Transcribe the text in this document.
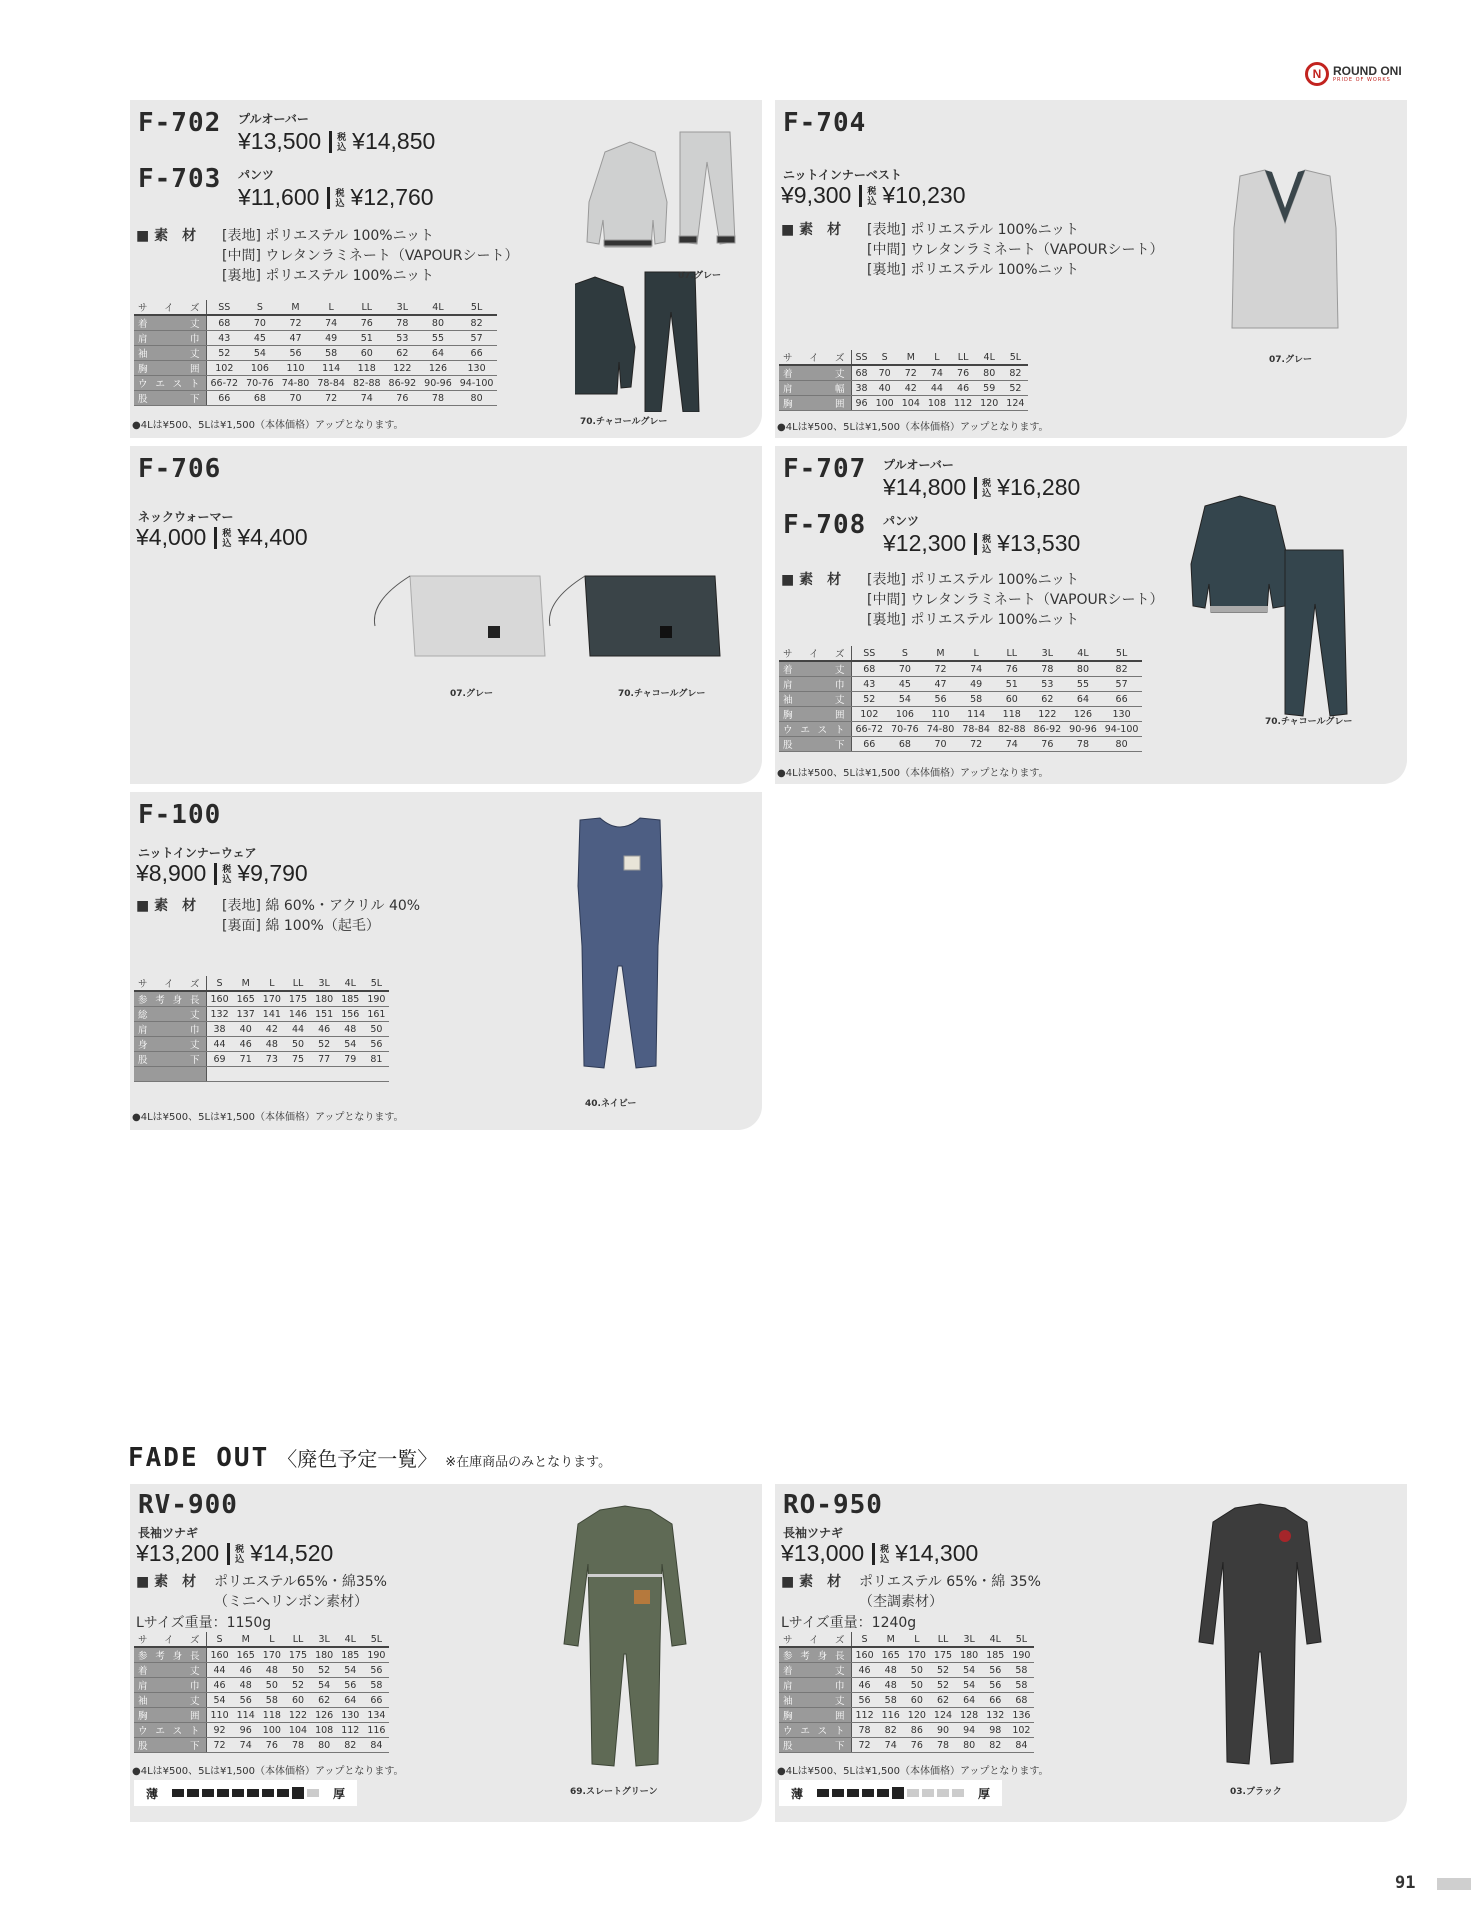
N ROUND ONI
PRIDE OF WORKS
F-702 プルオーバー
¥13,500 税
込 ¥14,850
F-703 パンツ
¥11,600 税
込 ¥12,760
■ 素　材 [表地] ポリエステル 100%ニット
[中間] ウレタンラミネート（VAPOURシート）
[裏地] ポリエステル 100%ニット
サ イ ズ	SS	S	M	L	LL	3L	4L	5L
着　丈	68	70	72	74	76	78	80	82
肩　巾	43	45	47	49	51	53	55	57
袖　丈	52	54	56	58	60	62	64	66
胸　囲	102	106	110	114	118	122	126	130
ウ エ ス ト	66-72	70-76	74-80	78-84	82-88	86-92	90-96	94-100
股　下	66	68	70	72	74	76	78	80
●4Lは¥500、5Lは¥1,500（本体価格）アップとなります。
07.グレー
70.チャコールグレー
F-704
ニットインナーベスト
¥9,300 税
込 ¥10,230
■ 素　材 [表地] ポリエステル 100%ニット
[中間] ウレタンラミネート（VAPOURシート）
[裏地] ポリエステル 100%ニット
サ イ ズ	SS	S	M	L	LL	4L	5L
着　丈	68	70	72	74	76	80	82
肩　幅	38	40	42	44	46	59	52
胸　囲	96	100	104	108	112	120	124
●4Lは¥500、5Lは¥1,500（本体価格）アップとなります。
07.グレー
F-706
ネックウォーマー
¥4,000 税
込 ¥4,400
07.グレー	70.チャコールグレー
F-707 プルオーバー
¥14,800 税
込 ¥16,280
F-708 パンツ
¥12,300 税
込 ¥13,530
■ 素　材 [表地] ポリエステル 100%ニット
[中間] ウレタンラミネート（VAPOURシート）
[裏地] ポリエステル 100%ニット
サ イ ズ	SS	S	M	L	LL	3L	4L	5L
着　丈	68	70	72	74	76	78	80	82
肩　巾	43	45	47	49	51	53	55	57
袖　丈	52	54	56	58	60	62	64	66
胸　囲	102	106	110	114	118	122	126	130
ウ エ ス ト	66-72	70-76	74-80	78-84	82-88	86-92	90-96	94-100
股　下	66	68	70	72	74	76	78	80
●4Lは¥500、5Lは¥1,500（本体価格）アップとなります。
70.チャコールグレー
F-100
ニットインナーウェア
¥8,900 税
込 ¥9,790
■ 素　材 [表地] 綿 60%・アクリル 40%
[裏面] 綿 100%（起毛）
サ イ ズ	S	M	L	LL	3L	4L	5L
参考身長	160	165	170	175	180	185	190
総　丈	132	137	141	146	151	156	161
肩　巾	38	40	42	44	46	48	50
身　丈	44	46	48	50	52	54	56
股　下	69	71	73	75	77	79	81

●4Lは¥500、5Lは¥1,500（本体価格）アップとなります。
40.ネイビー
FADE OUT 〈廃色予定一覧〉 ※在庫商品のみとなります。
RV-900
長袖ツナギ
¥13,200 税
込 ¥14,520
■ 素　材 ポリエステル65%・綿35%
（ミニヘリンボン素材）
Lサイズ重量：1150g
サ イ ズ	S	M	L	LL	3L	4L	5L
参考身長	160	165	170	175	180	185	190
着　丈	44	46	48	50	52	54	56
肩　巾	46	48	50	52	54	56	58
袖　丈	54	56	58	60	62	64	66
胸　囲	110	114	118	122	126	130	134
ウ エ ス ト	92	96	100	104	108	112	116
股　下	72	74	76	78	80	82	84
●4Lは¥500、5Lは¥1,500（本体価格）アップとなります。
薄	厚	69.スレートグリーン
RO-950
長袖ツナギ
¥13,000 税
込 ¥14,300
■ 素　材 ポリエステル 65%・綿 35%
（杢調素材）
Lサイズ重量：1240g
サ イ ズ	S	M	L	LL	3L	4L	5L
参考身長	160	165	170	175	180	185	190
着　丈	46	48	50	52	54	56	58
肩　巾	46	48	50	52	54	56	58
袖　丈	56	58	60	62	64	66	68
胸　囲	112	116	120	124	128	132	136
ウ エ ス ト	78	82	86	90	94	98	102
股　下	72	74	76	78	80	82	84
●4Lは¥500、5Lは¥1,500（本体価格）アップとなります。
薄	厚	03.ブラック
91
